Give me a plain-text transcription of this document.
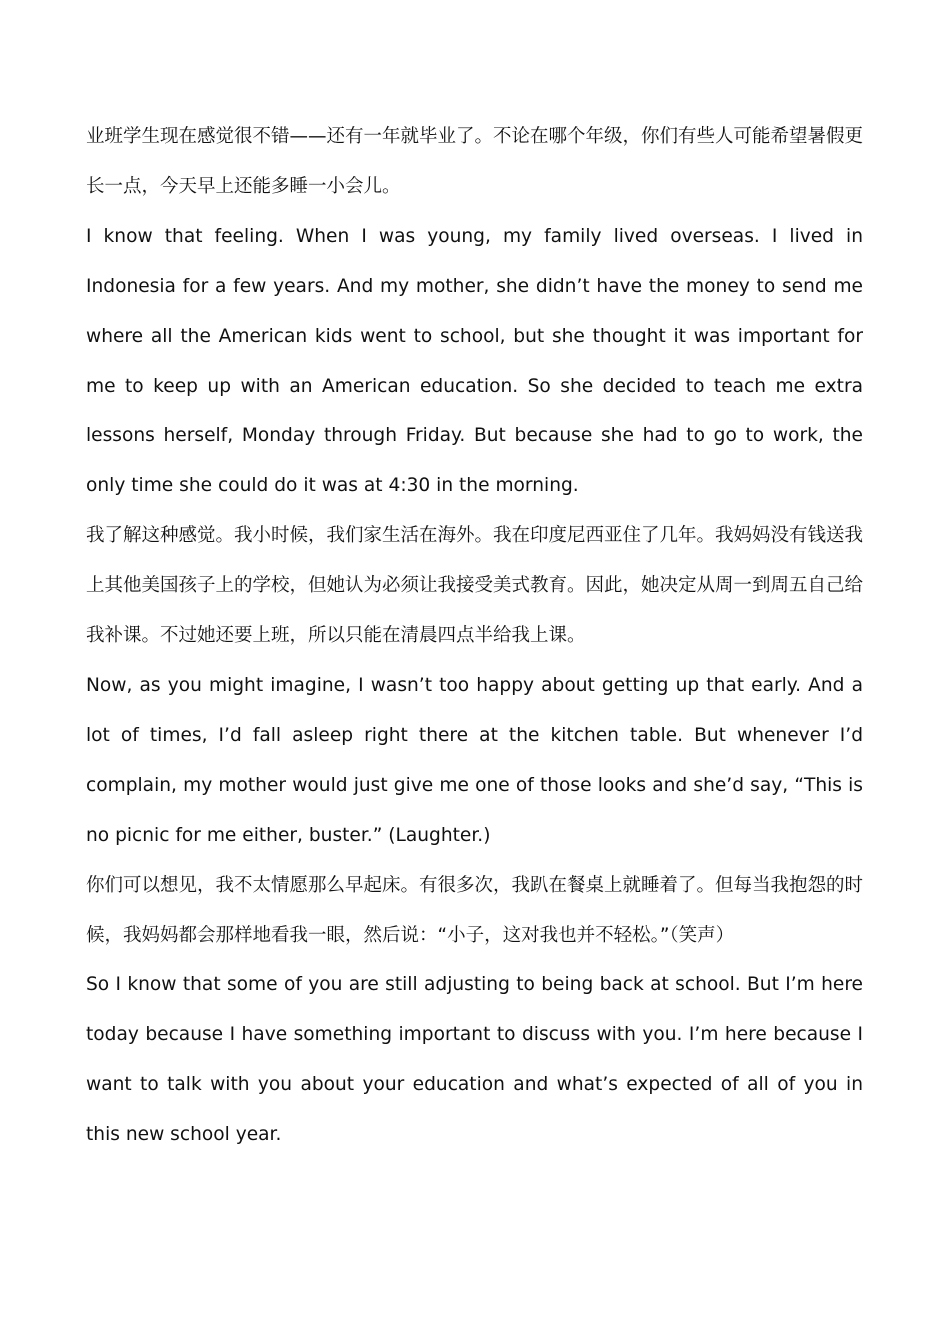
业班学生现在感觉很不错——还有一年就毕业了。不论在哪个年级，你们有些人可能希望暑假更长一点，今天早上还能多睡一小会儿。

I know that feeling. When I was young, my family lived overseas. I lived in Indonesia for a few years. And my mother, she didn’t have the money to send me where all the American kids went to school, but she thought it was important for me to keep up with an American education. So she decided to teach me extra lessons herself, Monday through Friday. But because she had to go to work, the only time she could do it was at 4:30 in the morning.

我了解这种感觉。我小时候，我们家生活在海外。我在印度尼西亚住了几年。我妈妈没有钱送我上其他美国孩子上的学校，但她认为必须让我接受美式教育。因此，她决定从周一到周五自己给我补课。不过她还要上班，所以只能在清晨四点半给我上课。

Now, as you might imagine, I wasn’t too happy about getting up that early. And a lot of times, I’d fall asleep right there at the kitchen table. But whenever I’d complain, my mother would just give me one of those looks and she’d say, “This is no picnic for me either, buster.” (Laughter.)

你们可以想见，我不太情愿那么早起床。有很多次，我趴在餐桌上就睡着了。但每当我抱怨的时候，我妈妈都会那样地看我一眼，然后说：“小子，这对我也并不轻松。”（笑声）

So I know that some of you are still adjusting to being back at school. But I’m here today because I have something important to discuss with you. I’m here because I want to talk with you about your education and what’s expected of all of you in this new school year.
